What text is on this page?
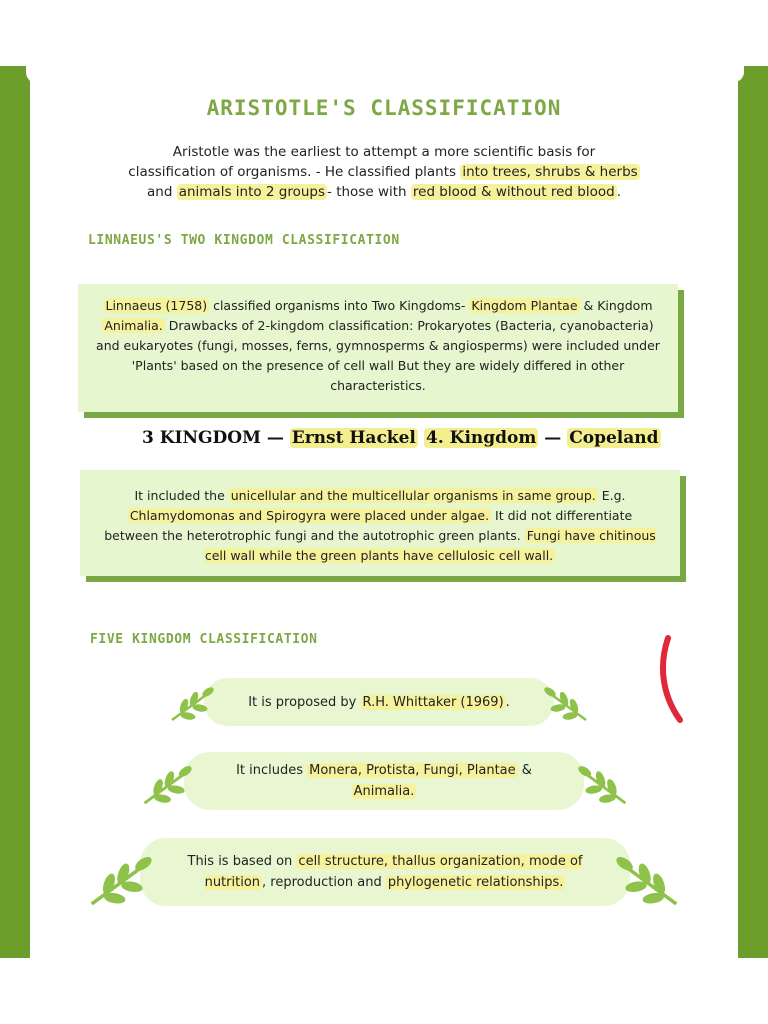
ARISTOTLE'S CLASSIFICATION
Aristotle was the earliest to attempt a more scientific basis for
classification of organisms. - He classified plants into trees, shrubs & herbs
and animals into 2 groups - those with red blood & without red blood .
LINNAEUS'S TWO KINGDOM CLASSIFICATION
Linnaeus (1758) classified organisms into Two Kingdoms- Kingdom Plantae & Kingdom Animalia. Drawbacks of 2-kingdom classification: Prokaryotes (Bacteria, cyanobacteria) and eukaryotes (fungi, mosses, ferns, gymnosperms & angiosperms) were included under 'Plants' based on the presence of cell wall But they are widely differed in other characteristics.
3 KINGDOM — Ernst Hackel 4. Kingdom — Copeland
It included the unicellular and the multicellular organisms in same group. E.g. Chlamydomonas and Spirogyra were placed under algae. It did not differentiate between the heterotrophic fungi and the autotrophic green plants. Fungi have chitinous cell wall while the green plants have cellulosic cell wall.
FIVE KINGDOM CLASSIFICATION
It is proposed by R.H. Whittaker (1969) .
It includes Monera, Protista, Fungi, Plantae & Animalia.
This is based on cell structure, thallus organization, mode of nutrition , reproduction and phylogenetic relationships.
